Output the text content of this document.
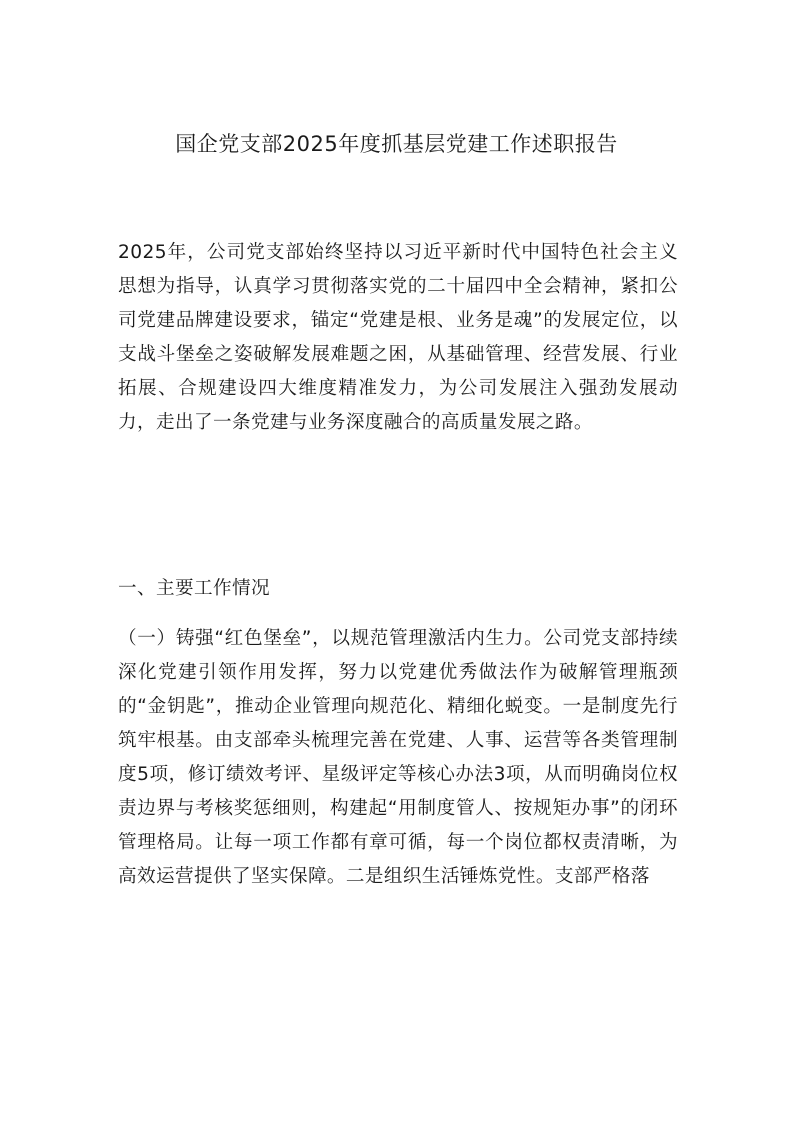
国企党支部2025年度抓基层党建工作述职报告

2025年，公司党支部始终坚持以习近平新时代中国特色社会主义思想为指导，认真学习贯彻落实党的二十届四中全会精神，紧扣公司党建品牌建设要求，锚定“党建是根、业务是魂”的发展定位，以支战斗堡垒之姿破解发展难题之困，从基础管理、经营发展、行业拓展、合规建设四大维度精准发力，为公司发展注入强劲发展动力，走出了一条党建与业务深度融合的高质量发展之路。

一、主要工作情况

（一）铸强“红色堡垒”，以规范管理激活内生力。公司党支部持续深化党建引领作用发挥，努力以党建优秀做法作为破解管理瓶颈的“金钥匙”，推动企业管理向规范化、精细化蜕变。一是制度先行筑牢根基。由支部牵头梳理完善在党建、人事、运营等各类管理制度5项，修订绩效考评、星级评定等核心办法3项，从而明确岗位权责边界与考核奖惩细则，构建起“用制度管人、按规矩办事”的闭环管理格局。让每一项工作都有章可循，每一个岗位都权责清晰，为高效运营提供了坚实保障。二是组织生活锤炼党性。支部严格落
